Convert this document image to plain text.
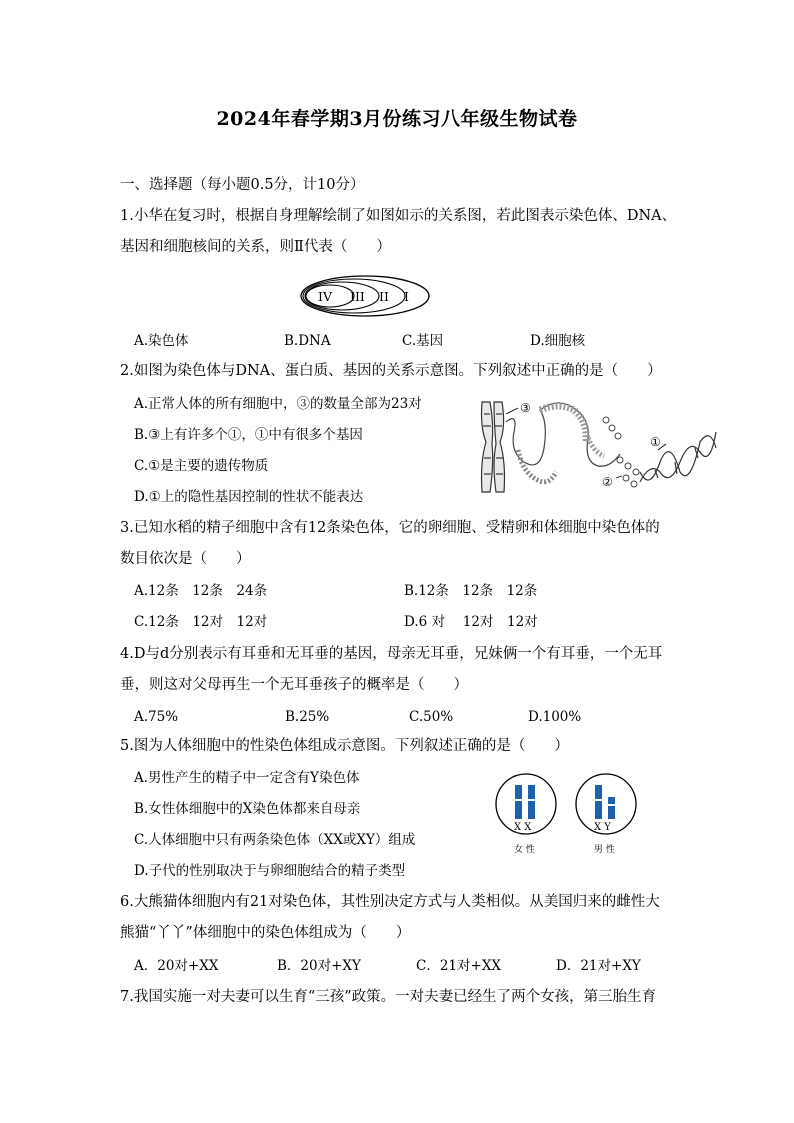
2024年春学期3月份练习八年级生物试卷
一、选择题（每小题0.5分，计10分）
1.小华在复习时，根据自身理解绘制了如图如示的关系图，若此图表示染色体、DNA、
基因和细胞核间的关系，则Ⅱ代表（　　）
IV III II I
A.染色体	B.DNA	C.基因	D.细胞核
2.如图为染色体与DNA、蛋白质、基因的关系示意图。下列叙述中正确的是（　　）
A.正常人体的所有细胞中，③的数量全部为23对
B.③上有许多个①，①中有很多个基因
C.①是主要的遗传物质
D.①上的隐性基因控制的性状不能表达
③
①
②
3.已知水稻的精子细胞中含有12条染色体，它的卵细胞、受精卵和体细胞中染色体的
数目依次是（　　）
A.12条　12条　24条	B.12条　12条　12条
C.12条　12对　12对	D.6 对　 12对　12对
4.D与d分别表示有耳垂和无耳垂的基因，母亲无耳垂，兄妹俩一个有耳垂，一个无耳
垂，则这对父母再生一个无耳垂孩子的概率是（　　）
A.75%	B.25%	C.50%	D.100%
5.图为人体细胞中的性染色体组成示意图。下列叙述正确的是（　　）
A.男性产生的精子中一定含有Y染色体
B.女性体细胞中的X染色体都来自母亲
C.人体细胞中只有两条染色体（XX或XY）组成
D.子代的性别取决于与卵细胞结合的精子类型
X X
女 性
X Y
男 性
6.大熊猫体细胞内有21对染色体，其性别决定方式与人类相似。从美国归来的雌性大
熊猫“丫丫”体细胞中的染色体组成为（　　）
A．20对+XX	B．20对+XY	C．21对+XX	D．21对+XY
7.我国实施一对夫妻可以生育“三孩”政策。一对夫妻已经生了两个女孩，第三胎生育
